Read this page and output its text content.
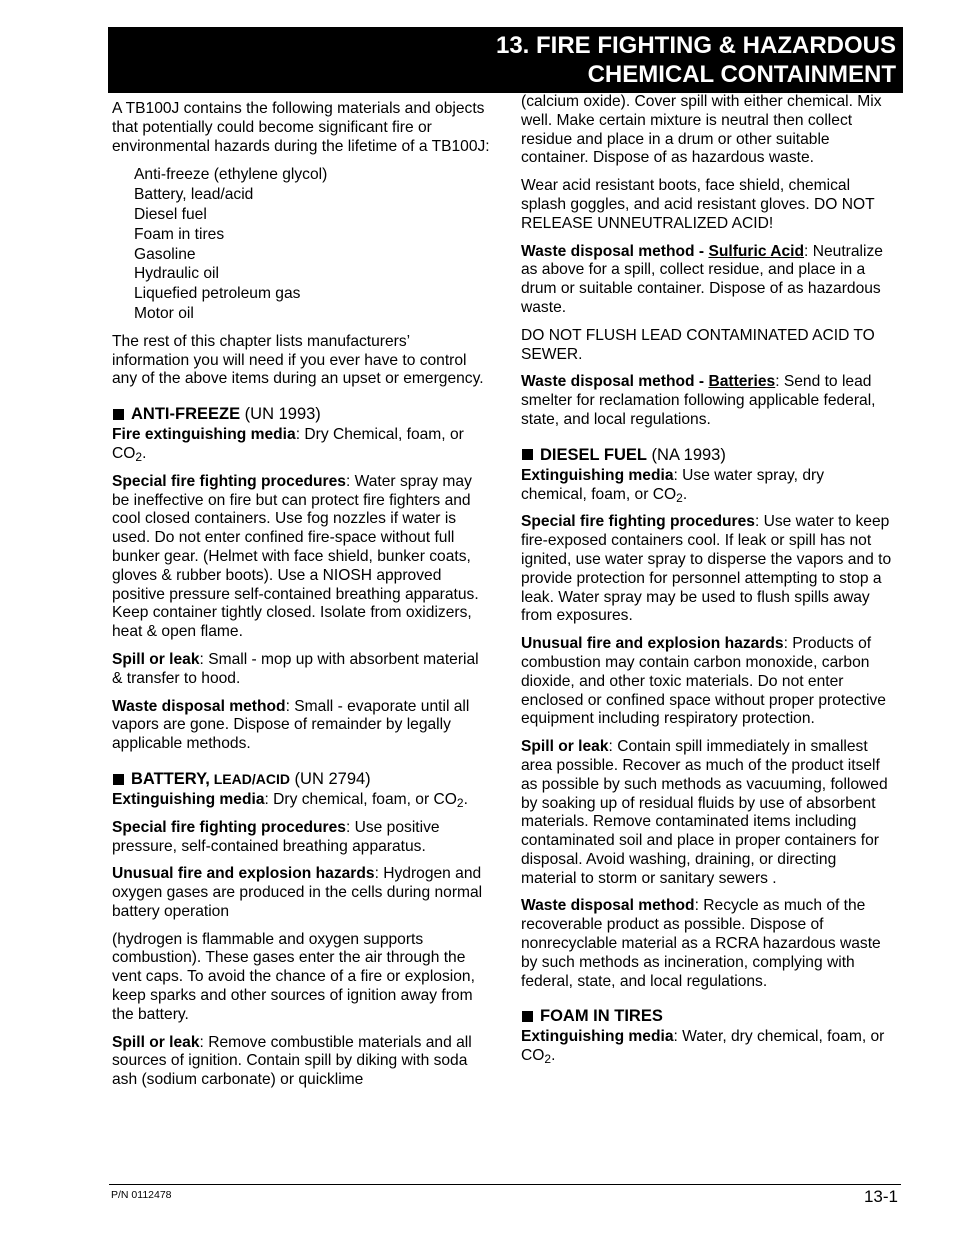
13. FIRE FIGHTING & HAZARDOUS
CHEMICAL CONTAINMENT

A TB100J contains the following materials and objects that potentially could become significant fire or environmental hazards during the lifetime of a TB100J:

Anti-freeze (ethylene glycol)
Battery, lead/acid
Diesel fuel
Foam in tires
Gasoline
Hydraulic oil
Liquefied petroleum gas
Motor oil

The rest of this chapter lists manufacturers’ information you will need if you ever have to control any of the above items during an upset or emergency.

ANTI-FREEZE (UN 1993)

Fire extinguishing media: Dry Chemical, foam, or $CO_2$.

Special fire fighting procedures: Water spray may be ineffective on fire but can protect fire fighters and cool closed containers. Use fog nozzles if water is used. Do not enter confined fire-space without full bunker gear. (Helmet with face shield, bunker coats, gloves & rubber boots). Use a NIOSH approved positive pressure self-contained breathing apparatus. Keep container tightly closed. Isolate from oxidizers, heat & open flame.

Spill or leak: Small - mop up with absorbent material & transfer to hood.

Waste disposal method: Small - evaporate until all vapors are gone. Dispose of remainder by legally applicable methods.

BATTERY, LEAD/ACID (UN 2794)

Extinguishing media: Dry chemical, foam, or $CO_2$.

Special fire fighting procedures: Use positive pressure, self-contained breathing apparatus.

Unusual fire and explosion hazards: Hydrogen and oxygen gases are produced in the cells during normal battery operation

(hydrogen is flammable and oxygen supports combustion). These gases enter the air through the vent caps. To avoid the chance of a fire or explosion, keep sparks and other sources of ignition away from the battery.

Spill or leak: Remove combustible materials and all sources of ignition. Contain spill by diking with soda ash (sodium carbonate) or quicklime

(calcium oxide). Cover spill with either chemical. Mix well. Make certain mixture is neutral then collect residue and place in a drum or other suitable container. Dispose of as hazardous waste.

Wear acid resistant boots, face shield, chemical splash goggles, and acid resistant gloves. DO NOT RELEASE UNNEUTRALIZED ACID!

Waste disposal method - Sulfuric Acid: Neutralize as above for a spill, collect residue, and place in a drum or suitable container. Dispose of as hazardous waste.

DO NOT FLUSH LEAD CONTAMINATED ACID TO SEWER.

Waste disposal method - Batteries: Send to lead smelter for reclamation following applicable federal, state, and local regulations.

DIESEL FUEL (NA 1993)

Extinguishing media: Use water spray, dry chemical, foam, or $CO_2$.

Special fire fighting procedures: Use water to keep fire-exposed containers cool. If leak or spill has not ignited, use water spray to disperse the vapors and to provide protection for personnel attempting to stop a leak. Water spray may be used to flush spills away from exposures.

Unusual fire and explosion hazards: Products of combustion may contain carbon monoxide, carbon dioxide, and other toxic materials. Do not enter enclosed or confined space without proper protective equipment including respiratory protection.

Spill or leak: Contain spill immediately in smallest area possible. Recover as much of the product itself as possible by such methods as vacuuming, followed by soaking up of residual fluids by use of absorbent materials. Remove contaminated items including contaminated soil and place in proper containers for disposal. Avoid washing, draining, or directing material to storm or sanitary sewers .

Waste disposal method: Recycle as much of the recoverable product as possible. Dispose of nonrecyclable material as a RCRA hazardous waste by such methods as incineration, complying with federal, state, and local regulations.

FOAM IN TIRES

Extinguishing media: Water, dry chemical, foam, or $CO_2$.

P/N 0112478	13-1
